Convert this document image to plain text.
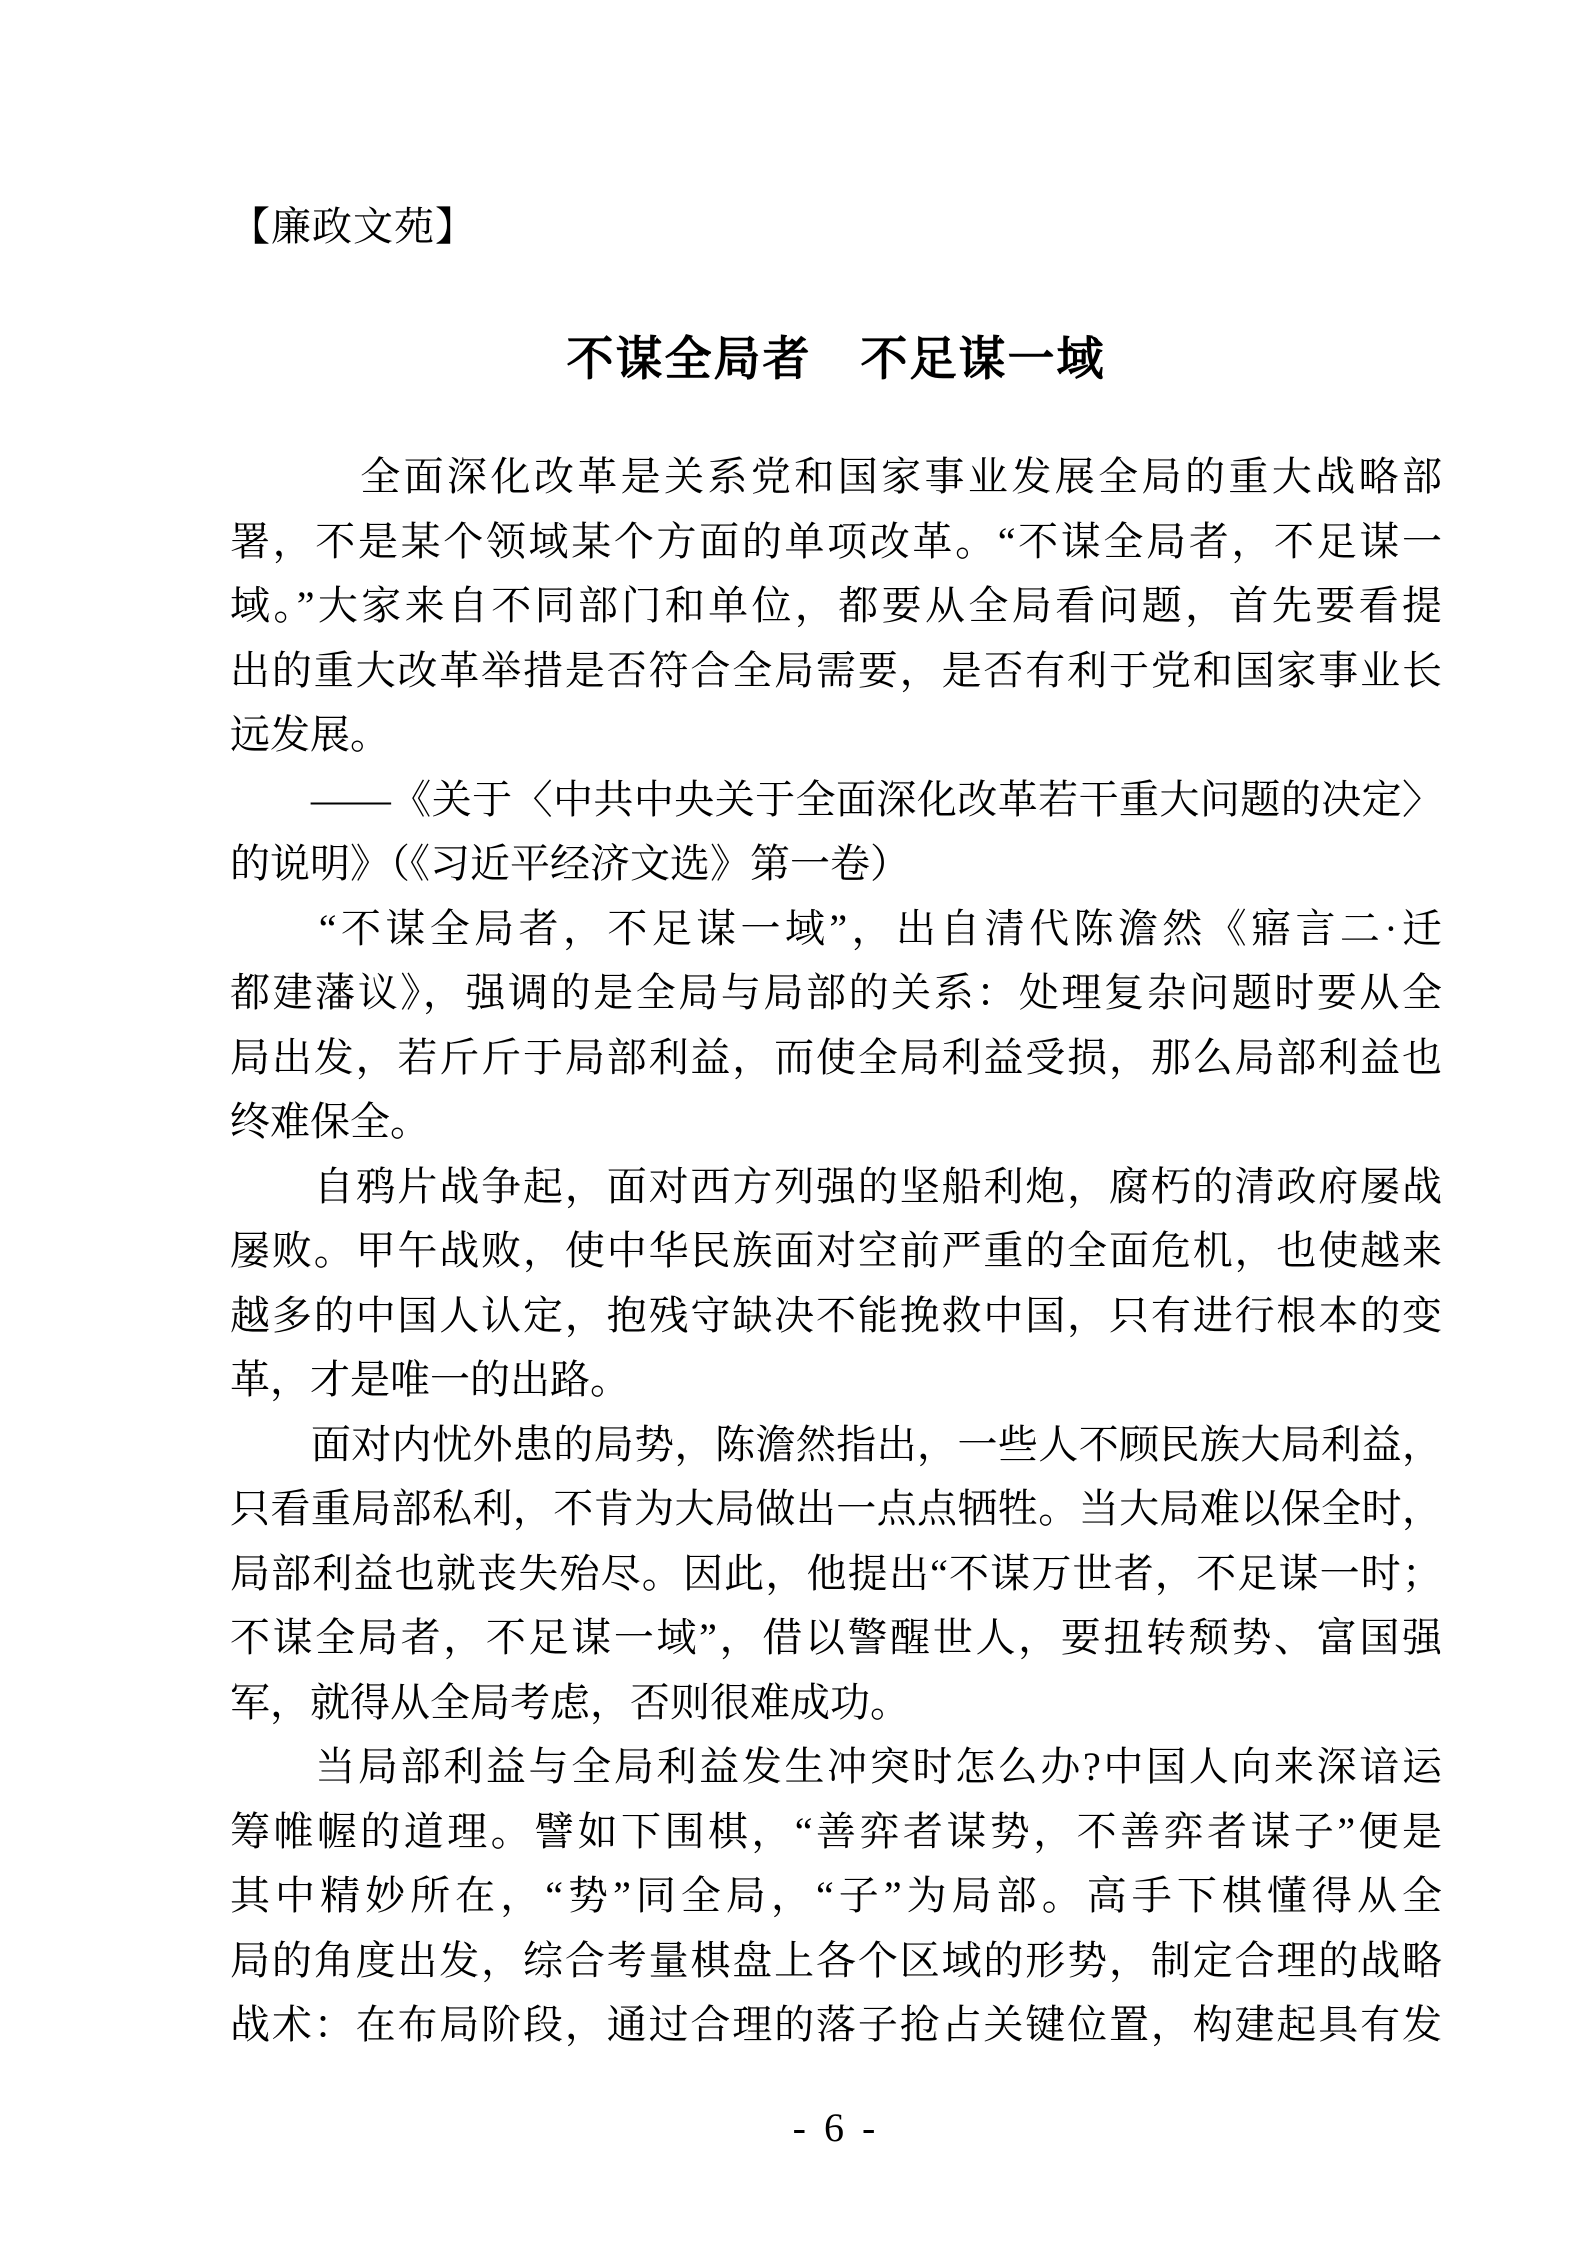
【廉政文苑】
不谋全局者　不足谋一域
　　　全面深化改革是关系党和国家事业发展全局的重大战略部
署，不是某个领域某个方面的单项改革。“不谋全局者，不足谋一
域。”大家来自不同部门和单位，都要从全局看问题，首先要看提
出的重大改革举措是否符合全局需要，是否有利于党和国家事业长
远发展。
　　——《关于〈中共中央关于全面深化改革若干重大问题的决定〉
的说明》（《习近平经济文选》第一卷）
　　“不谋全局者，不足谋一域”，出自清代陈澹然《寤言二·迁
都建藩议》，强调的是全局与局部的关系：处理复杂问题时要从全
局出发，若斤斤于局部利益，而使全局利益受损，那么局部利益也
终难保全。
　　自鸦片战争起，面对西方列强的坚船利炮，腐朽的清政府屡战
屡败。甲午战败，使中华民族面对空前严重的全面危机，也使越来
越多的中国人认定，抱残守缺决不能挽救中国，只有进行根本的变
革，才是唯一的出路。
　　面对内忧外患的局势，陈澹然指出，一些人不顾民族大局利益，
只看重局部私利，不肯为大局做出一点点牺牲。当大局难以保全时，
局部利益也就丧失殆尽。因此，他提出“不谋万世者，不足谋一时；
不谋全局者，不足谋一域”，借以警醒世人，要扭转颓势、富国强
军，就得从全局考虑，否则很难成功。
　　当局部利益与全局利益发生冲突时怎么办?中国人向来深谙运
筹帷幄的道理。譬如下围棋，“善弈者谋势，不善弈者谋子”便是
其中精妙所在，“势”同全局，“子”为局部。高手下棋懂得从全
局的角度出发，综合考量棋盘上各个区域的形势，制定合理的战略
战术：在布局阶段，通过合理的落子抢占关键位置，构建起具有发
- 6 -
